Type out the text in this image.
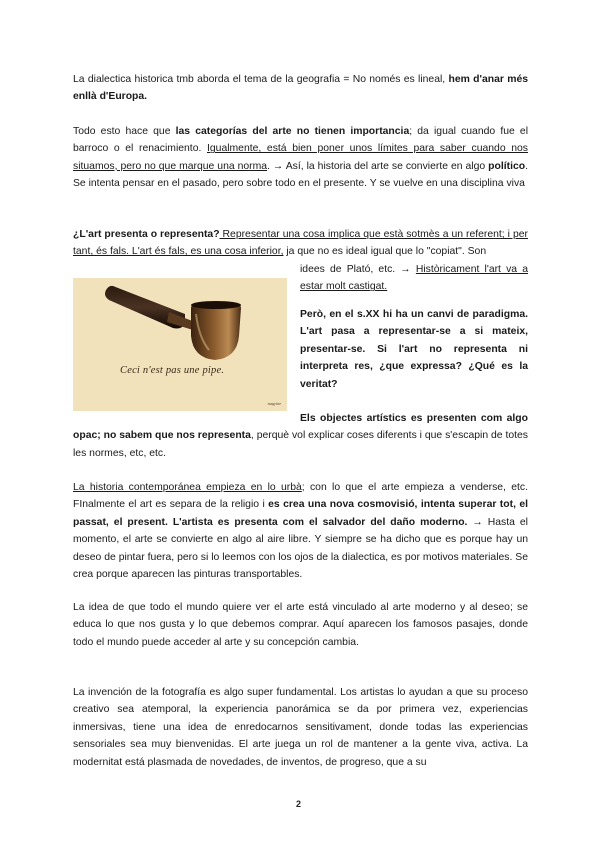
La dialectica historica tmb aborda el tema de la geografia = No només es lineal, hem d'anar més enllà d'Europa.

Todo esto hace que las categorías del arte no tienen importancia; da igual cuando fue el barroco o el renacimiento. Igualmente, está bien poner unos límites para saber cuando nos situamos, pero no que marque una norma. → Así, la historia del arte se convierte en algo político. Se intenta pensar en el pasado, pero sobre todo en el presente. Y se vuelve en una disciplina viva

¿L'art presenta o representa? Representar una cosa implica que està sotmès a un referent; i per tant, és fals. L'art és fals, es una cosa inferior, ja que no es ideal igual que lo "copiat". Son

idees de Plató, etc. → Històricament l'art va a estar molt castigat.

Ceci n'est pas une pipe.
magritte

Però, en el s.XX hi ha un canvi de paradigma. L'art pasa a representar-se a si mateix, presentar-se. Si l'art no representa ni interpreta res, ¿que expressa? ¿Qué es la veritat?

Els objectes artístics es presenten com algo opac; no sabem que nos representa, perquè vol explicar coses diferents i que s'escapin de totes les normes, etc, etc.

La historia contemporánea empieza en lo urbà; con lo que el arte empieza a venderse, etc. FInalmente el art es separa de la religio i es crea una nova cosmovisió, intenta superar tot, el passat, el present. L'artista es presenta com el salvador del daño moderno. → Hasta el momento, el arte se convierte en algo al aire libre. Y siempre se ha dicho que es porque hay un deseo de pintar fuera, pero si lo leemos con los ojos de la dialectica, es por motivos materiales. Se crea porque aparecen las pinturas transportables.

La idea de que todo el mundo quiere ver el arte está vinculado al arte moderno y al deseo; se educa lo que nos gusta y lo que debemos comprar. Aquí aparecen los famosos pasajes, donde todo el mundo puede acceder al arte y su concepción cambia.

La invención de la fotografía es algo super fundamental. Los artistas lo ayudan a que su proceso creativo sea atemporal, la experiencia panorámica se da por primera vez, experiencias inmersivas, tiene una idea de enredocarnos sensitivament, donde todas las experiencias sensoriales sea muy bienvenidas. El arte juega un rol de mantener a la gente viva, activa. La modernitat está plasmada de novedades, de inventos, de progreso, que a su

2
